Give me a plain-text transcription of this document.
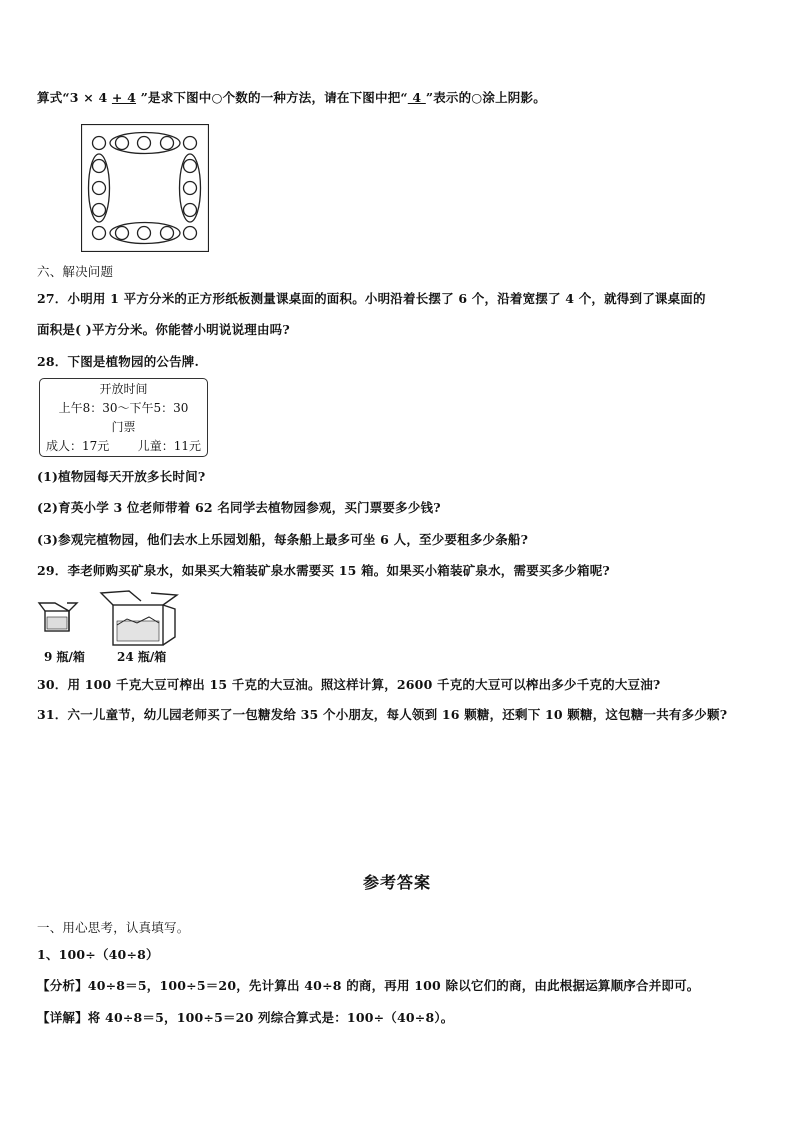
算式“3 × 4 + 4 ”是求下图中○个数的一种方法，请在下图中把“ 4 ”表示的○涂上阴影。
六、解决问题
27．小明用 1 平方分米的正方形纸板测量课桌面的面积。小明沿着长摆了 6 个，沿着宽摆了 4 个，就得到了课桌面的
面积是( )平方分米。你能替小明说说理由吗?
28．下图是植物园的公告牌.
开放时间
上午8：30～下午5：30
门票
成人：17元 儿童：11元
(1)植物园每天开放多长时间?
(2)育英小学 3 位老师带着 62 名同学去植物园参观，买门票要多少钱?
(3)参观完植物园，他们去水上乐园划船，每条船上最多可坐 6 人，至少要租多少条船?
29．李老师购买矿泉水，如果买大箱装矿泉水需要买 15 箱。如果买小箱装矿泉水，需要买多少箱呢?
9 瓶/箱	24 瓶/箱
30．用 100 千克大豆可榨出 15 千克的大豆油。照这样计算，2600 千克的大豆可以榨出多少千克的大豆油?
31．六一儿童节，幼儿园老师买了一包糖发给 35 个小朋友，每人领到 16 颗糖，还剩下 10 颗糖，这包糖一共有多少颗?
参考答案
一、用心思考，认真填写。
1、100÷（40÷8）
【分析】40÷8＝5，100÷5＝20，先计算出 40÷8 的商，再用 100 除以它们的商，由此根据运算顺序合并即可。
【详解】将 40÷8＝5，100÷5＝20 列综合算式是：100÷（40÷8）。
